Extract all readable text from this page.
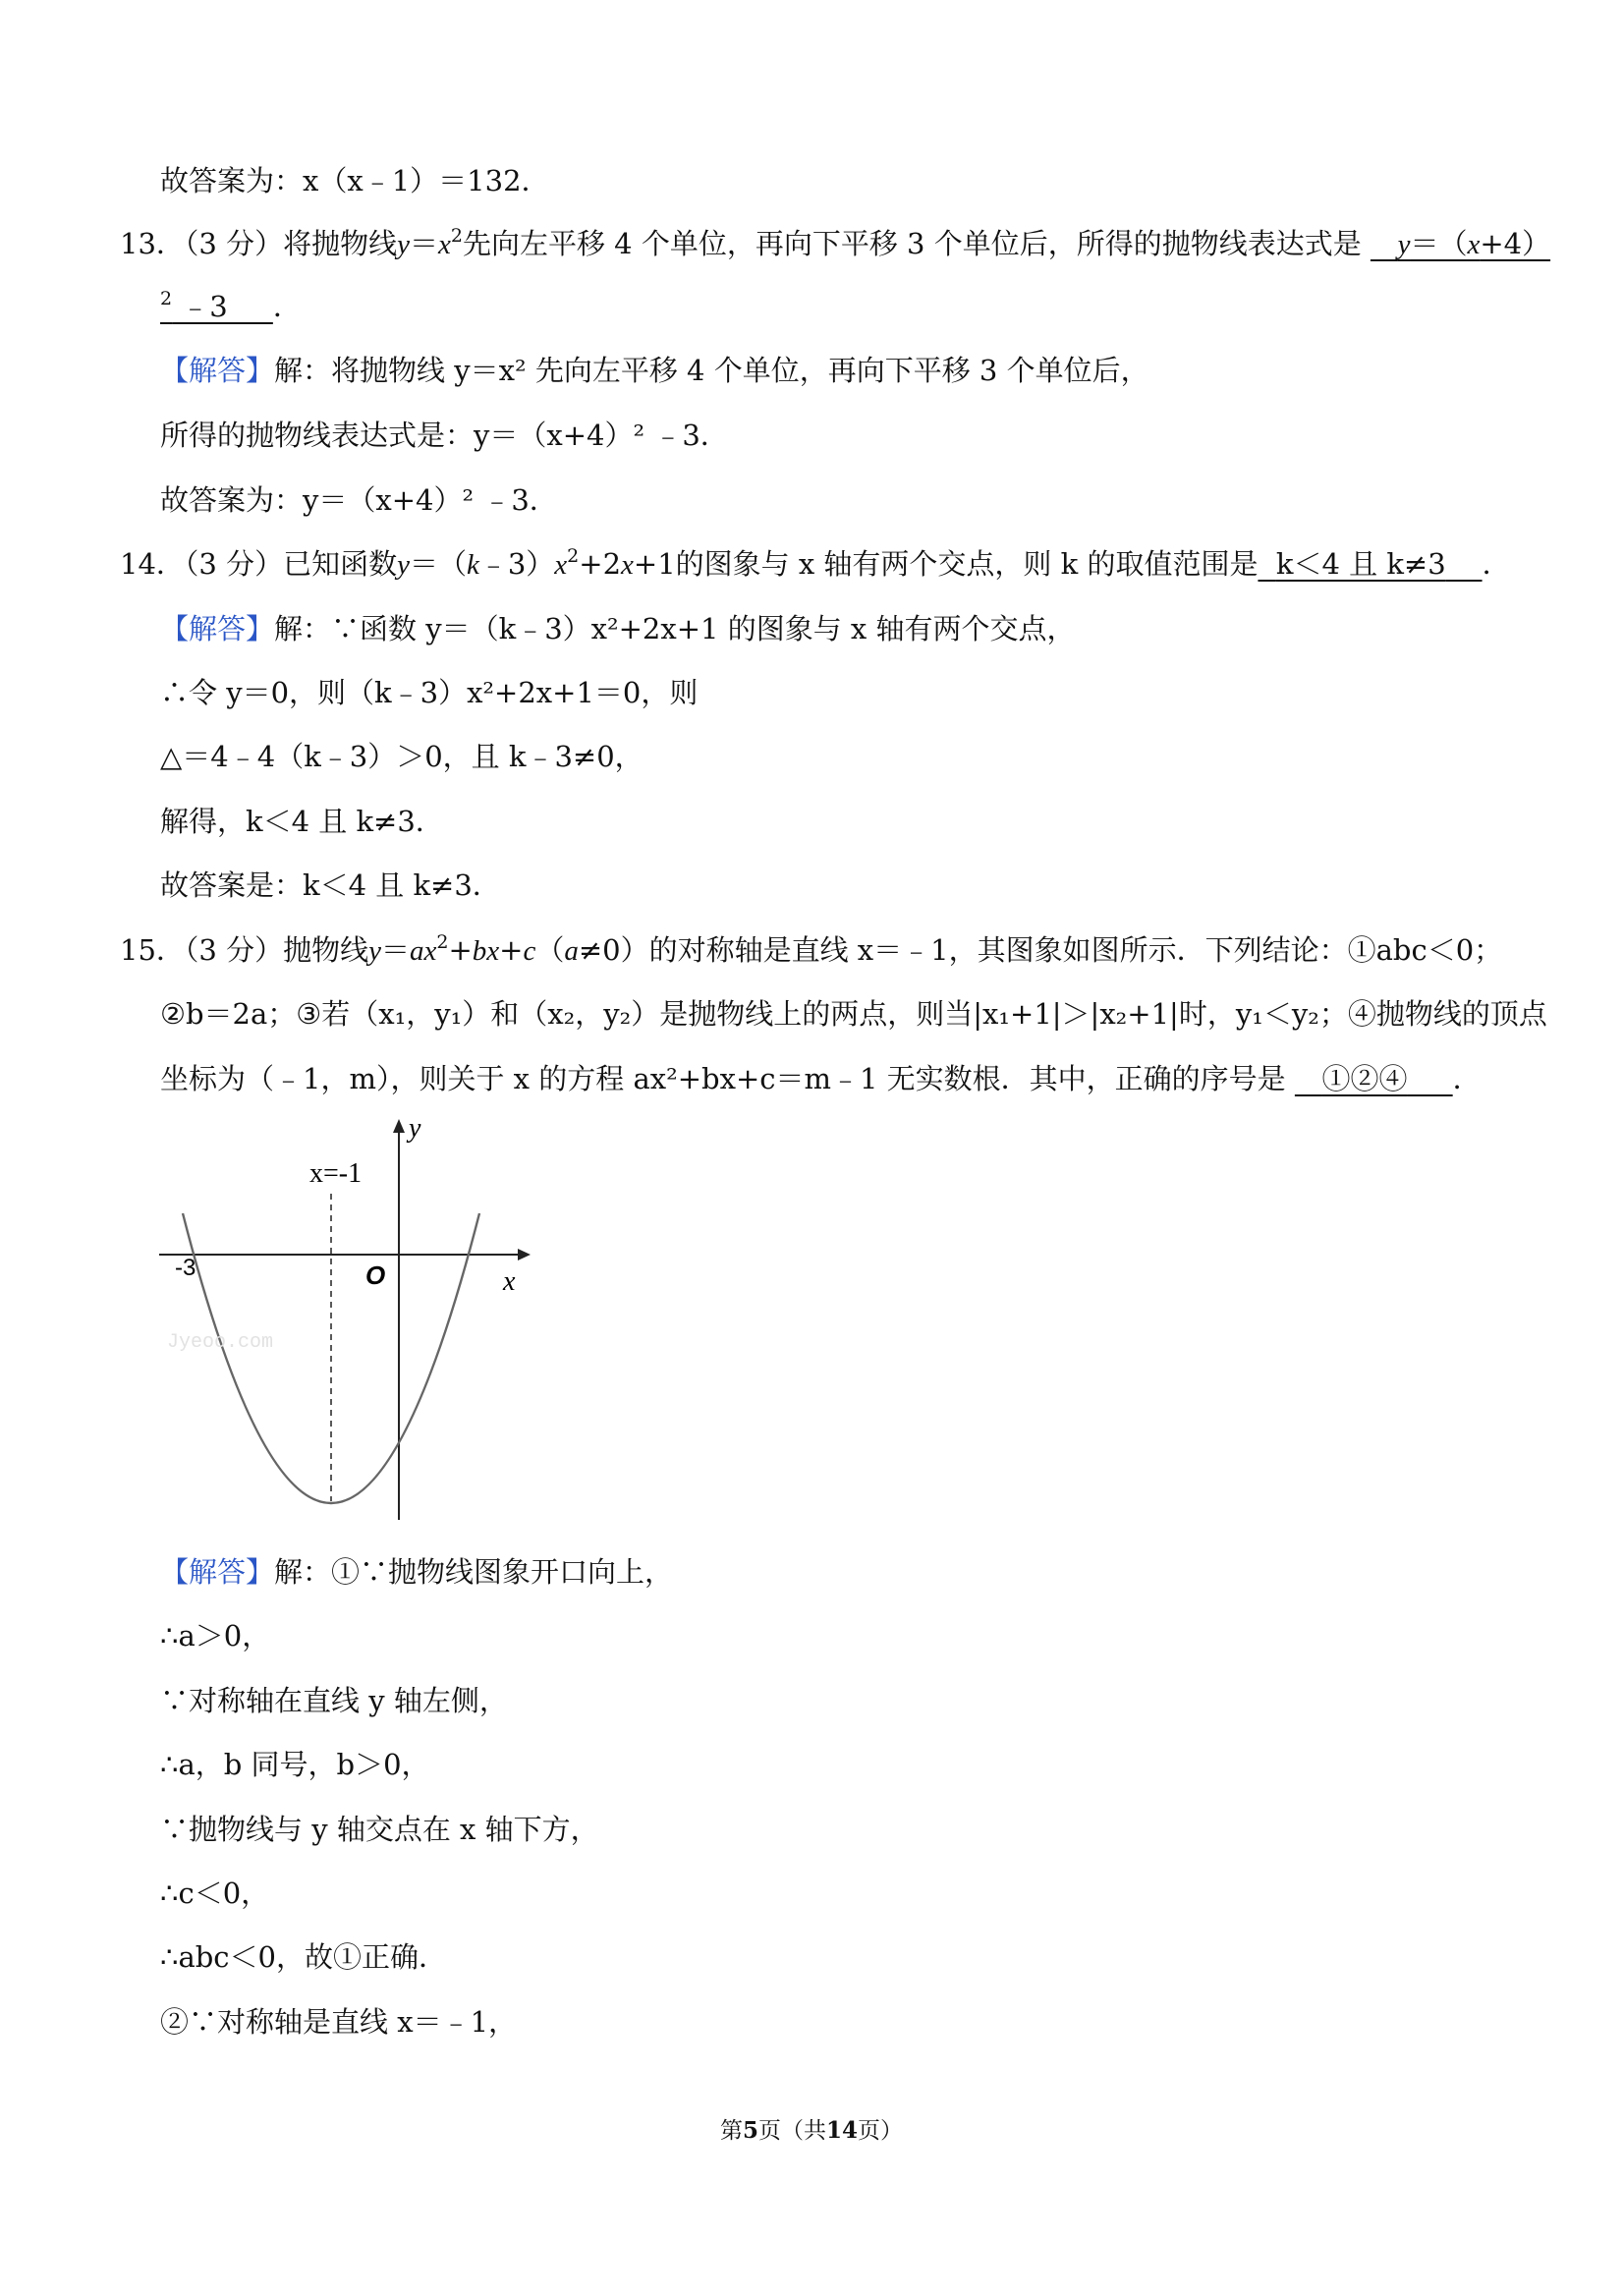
故答案为：x（x﹣1）＝132．
13．（3 分）将抛物线$y=x^2$先向左平移 4 个单位，再向下平移 3 个单位后，所得的抛物线表达式是 y＝（x+4）
$^2$ ﹣3     ．
【解答】解：将抛物线 y＝x² 先向左平移 4 个单位，再向下平移 3 个单位后，
所得的抛物线表达式是：y＝（x+4）² ﹣3．
故答案为：y＝（x+4）² ﹣3．
14．（3 分）已知函数$y=(k﹣3)x^2+2x+1$的图象与 x 轴有两个交点，则 k 的取值范围是 k＜4 且 k≠3 ．
【解答】解：∵函数 y＝（k﹣3）x²+2x+1 的图象与 x 轴有两个交点，
∴令 y＝0，则（k﹣3）x²+2x+1＝0，则
△＝4﹣4（k﹣3）＞0，且 k﹣3≠0，
解得，k＜4 且 k≠3．
故答案是：k＜4 且 k≠3．
15．（3 分）抛物线$y=ax^2+bx+c(a\ne 0)$的对称轴是直线 x＝﹣1，其图象如图所示．下列结论：①abc＜0；
②b＝2a；③若（x₁，y₁）和（x₂，y₂）是抛物线上的两点，则当|x₁+1|＞|x₂+1|时，y₁＜y₂；④抛物线的顶点
坐标为（﹣1，m），则关于 x 的方程 ax²+bx+c＝m﹣1 无实数根．其中，正确的序号是 ①②④ ．
x=-1
y
x
O
-3
Jyeoo.com
【解答】解：①∵抛物线图象开口向上，
∴a＞0，
∵对称轴在直线 y 轴左侧，
∴a，b 同号，b＞0，
∵抛物线与 y 轴交点在 x 轴下方，
∴c＜0，
∴abc＜0，故①正确．
②∵对称轴是直线 x＝﹣1，
第5页（共14页）
